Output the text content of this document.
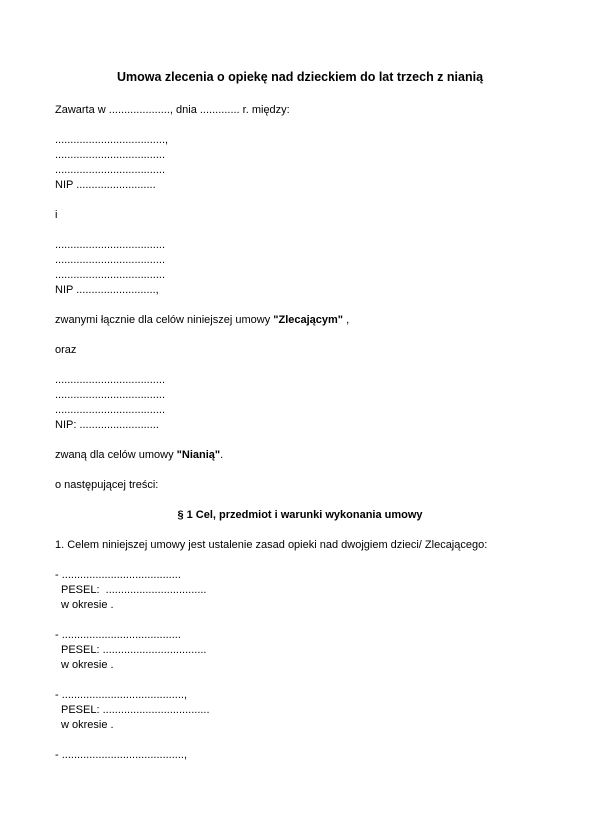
Umowa zlecenia o opiekę nad dzieckiem do lat trzech z nianią

Zawarta w ...................., dnia ............. r. między:

....................................,
....................................
....................................
NIP ..........................

i

....................................
....................................
....................................
NIP ..........................,

zwanymi łącznie dla celów niniejszej umowy "Zlecającym" ,

oraz

....................................
....................................
....................................
NIP: ..........................

zwaną dla celów umowy "Nianią".

o następującej treści:

§ 1 Cel, przedmiot i warunki wykonania umowy

1. Celem niniejszej umowy jest ustalenie zasad opieki nad dwojgiem dzieci/ Zlecającego:

- .......................................
PESEL:  .................................
w okresie .
- .......................................
PESEL: ..................................
w okresie .
- ........................................,
PESEL: ...................................
w okresie .
- ........................................,
